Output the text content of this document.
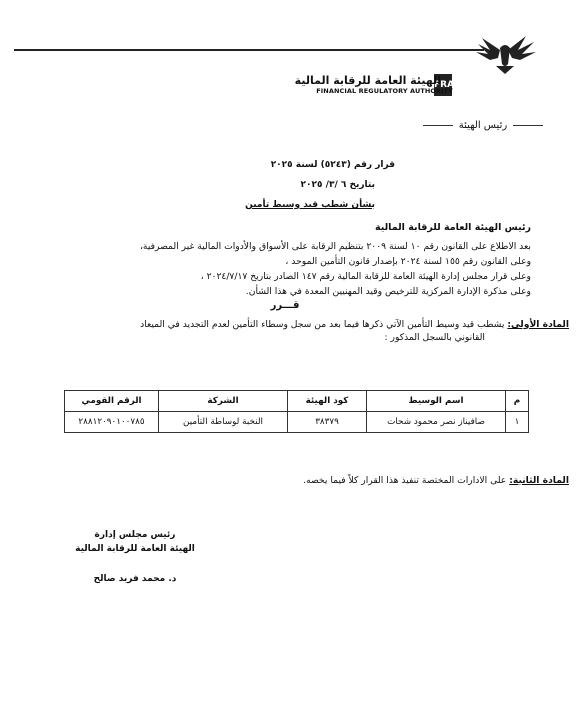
FRA
الهيئة العامة للرقابة المالية
FINANCIAL REGULATORY AUTHORITY
رئيس الهيئة
قرار رقم (٥٢٤٣) لسنة ٢٠٢٥
بتاريخ ٦ /٣/ ٢٠٢٥
بشأن شطب قيد وسيط تأمين
رئيس الهيئة العامة للرقابة المالية
بعد الاطلاع على القانون رقم ١٠ لسنة ٢٠٠٩ بتنظيم الرقابة على الأسواق والأدوات المالية غير المصرفية،
وعلى القانون رقم ١٥٥ لسنة ٢٠٢٤ بإصدار قانون التأمين الموحد ،
وعلى قرار مجلس إدارة الهيئة العامة للرقابة المالية رقم ١٤٧ الصادر بتاريخ ٢٠٢٤/٧/١٧ ،
وعلى مذكرة الإدارة المركزية للترخيص وقيد المهنيين المعدة في هذا الشأن.
قـــرر
المادة الأولى: يشطب قيد وسيط التأمين الآتي ذكرها فيما بعد من سجل وسطاء التأمين لعدم التجديد في الميعاد
القانوني بالسجل المذكور :
م	اسم الوسيط	كود الهيئة	الشركة	الرقم القومي
١	صافيناز نصر محمود شحات	٣٨٣٧٩	النخبة لوساطة التأمين	٢٨٨١٢٠٩٠١٠٠٧٨٥
المادة الثانية: على الادارات المختصة تنفيذ هذا القرار كلاً فيما يخصه.
رئيس مجلس إدارة
الهيئة العامة للرقابة المالية
د. محمد فريد صالح
